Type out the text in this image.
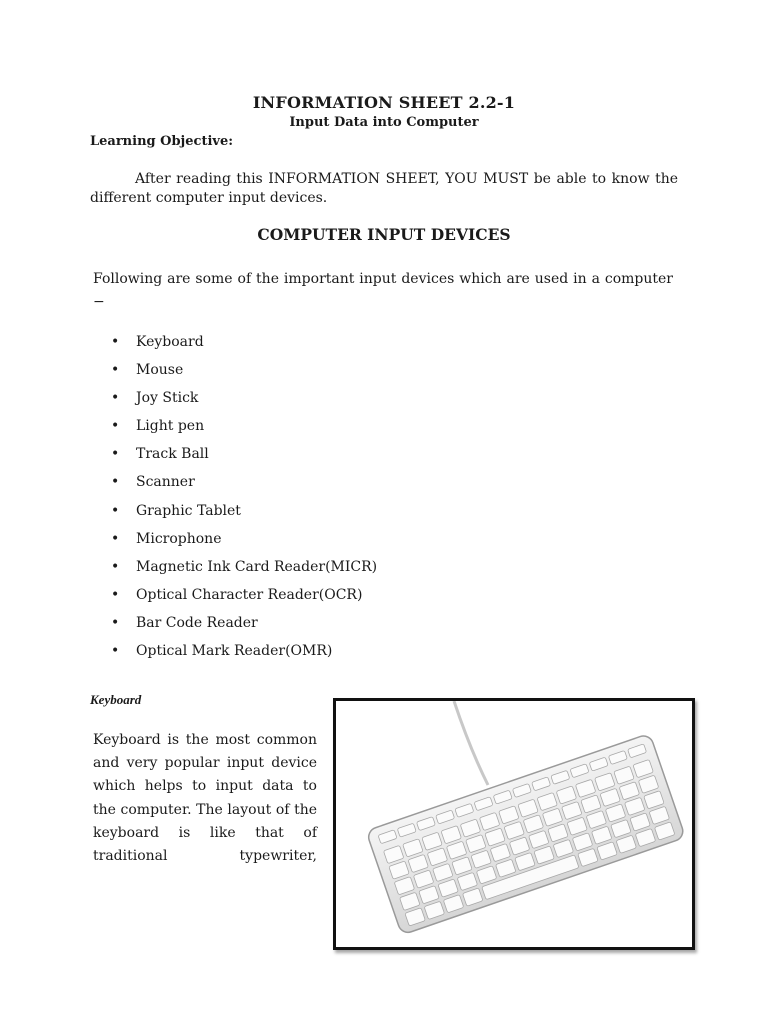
INFORMATION SHEET 2.2-1
Input Data into Computer
Learning Objective:
After reading this INFORMATION SHEET, YOU MUST be able to know the different computer input devices.
COMPUTER INPUT DEVICES
Following are some of the important input devices which are used in a computer −
• Keyboard
• Mouse
• Joy Stick
• Light pen
• Track Ball
• Scanner
• Graphic Tablet
• Microphone
• Magnetic Ink Card Reader(MICR)
• Optical Character Reader(OCR)
• Bar Code Reader
• Optical Mark Reader(OMR)
Keyboard
Keyboard is the most common and very popular input device which helps to input data to the computer. The layout of the keyboard is like that of traditional typewriter,
